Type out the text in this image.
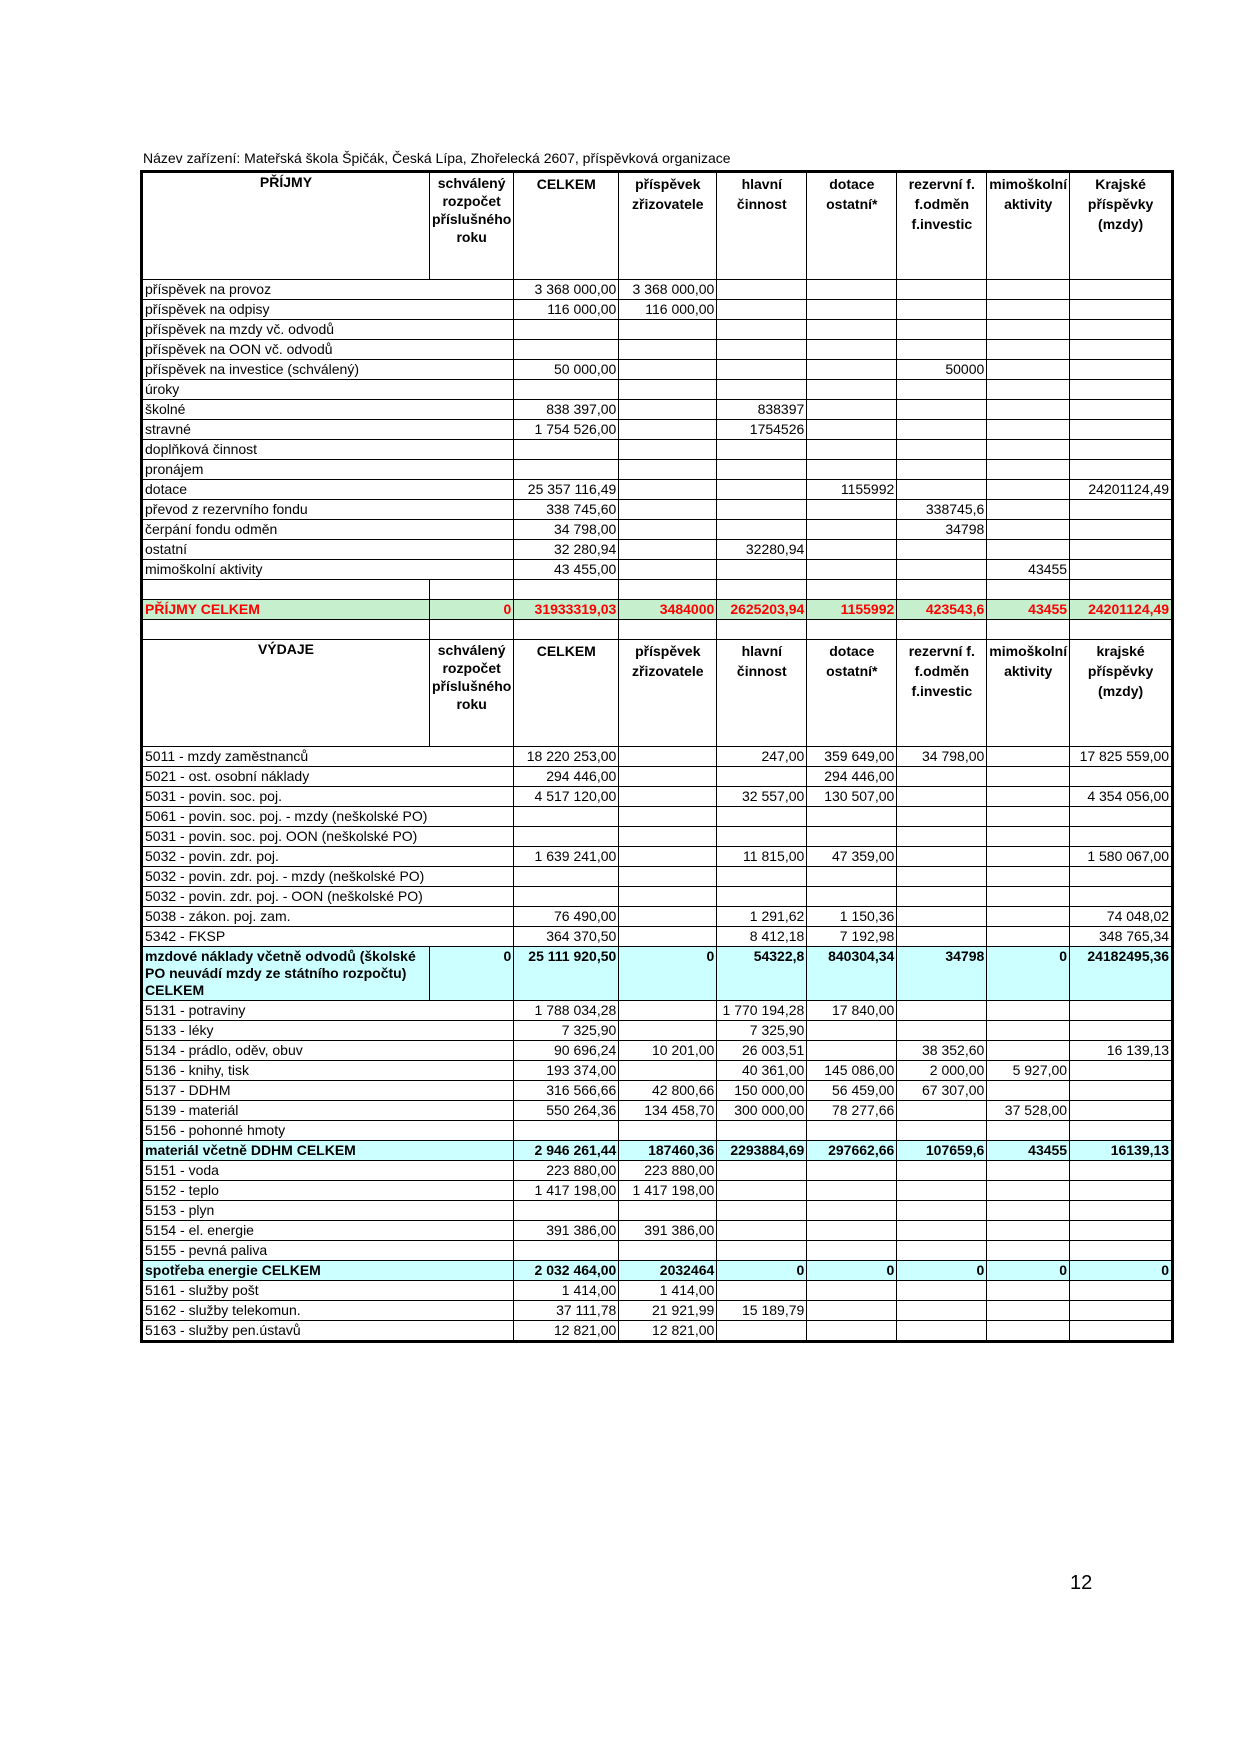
Název zařízení: Mateřská škola Špičák, Česká Lípa, Zhořelecká 2607, příspěvková organizace
PŘÍJMY	schválený rozpočet příslušného roku	CELKEM	příspěvek zřizovatele	hlavní činnost	dotace ostatní*	rezervní f. f.odměn f.investic	mimoškolní aktivity	Krajské příspěvky (mzdy)
příspěvek na provoz		3 368 000,00	3 368 000,00					
příspěvek na odpisy		116 000,00	116 000,00					
příspěvek na mzdy vč. odvodů								
příspěvek na OON vč. odvodů								
příspěvek na investice (schválený)		50 000,00				50000		
úroky								
školné		838 397,00		838397				
stravné		1 754 526,00		1754526				
doplňková činnost								
pronájem								
dotace		25 357 116,49			1155992			24201124,49
převod z rezervního fondu		338 745,60				338745,6		
čerpání fondu odměn		34 798,00				34798		
ostatní		32 280,94		32280,94				
mimoškolní aktivity		43 455,00					43455	

PŘÍJMY CELKEM	0	31933319,03	3484000	2625203,94	1155992	423543,6	43455	24201124,49

VÝDAJE	schválený rozpočet příslušného roku	CELKEM	příspěvek zřizovatele	hlavní činnost	dotace ostatní*	rezervní f. f.odměn f.investic	mimoškolní aktivity	krajské příspěvky (mzdy)
5011 - mzdy zaměstnanců		18 220 253,00		247,00	359 649,00	34 798,00		17 825 559,00
5021 - ost. osobní náklady		294 446,00			294 446,00			
5031 - povin. soc. poj.		4 517 120,00		32 557,00	130 507,00			4 354 056,00
5061 - povin. soc. poj. - mzdy (neškolské PO)								
5031 - povin. soc. poj. OON (neškolské PO)								
5032 - povin. zdr. poj.		1 639 241,00		11 815,00	47 359,00			1 580 067,00
5032 - povin. zdr. poj. - mzdy (neškolské PO)								
5032 - povin. zdr. poj. - OON (neškolské PO)								
5038 - zákon. poj. zam.		76 490,00		1 291,62	1 150,36			74 048,02
5342 - FKSP		364 370,50		8 412,18	7 192,98			348 765,34
mzdové náklady včetně odvodů (školské PO neuvádí mzdy ze státního rozpočtu) CELKEM	0	25 111 920,50	0	54322,8	840304,34	34798	0	24182495,36
5131 - potraviny		1 788 034,28		1 770 194,28	17 840,00			
5133 - léky		7 325,90		7 325,90				
5134 - prádlo, oděv, obuv		90 696,24	10 201,00	26 003,51		38 352,60		16 139,13
5136 - knihy, tisk		193 374,00		40 361,00	145 086,00	2 000,00	5 927,00	
5137 - DDHM		316 566,66	42 800,66	150 000,00	56 459,00	67 307,00		
5139 - materiál		550 264,36	134 458,70	300 000,00	78 277,66		37 528,00	
5156 - pohonné hmoty								
materiál včetně DDHM CELKEM		2 946 261,44	187460,36	2293884,69	297662,66	107659,6	43455	16139,13
5151 - voda		223 880,00	223 880,00					
5152 - teplo		1 417 198,00	1 417 198,00					
5153 - plyn								
5154 - el. energie		391 386,00	391 386,00					
5155 - pevná paliva								
spotřeba energie CELKEM		2 032 464,00	2032464	0	0	0	0	0
5161 - služby pošt		1 414,00	1 414,00					
5162 - služby telekomun.		37 111,78	21 921,99	15 189,79				
5163 - služby pen.ústavů		12 821,00	12 821,00					
12
